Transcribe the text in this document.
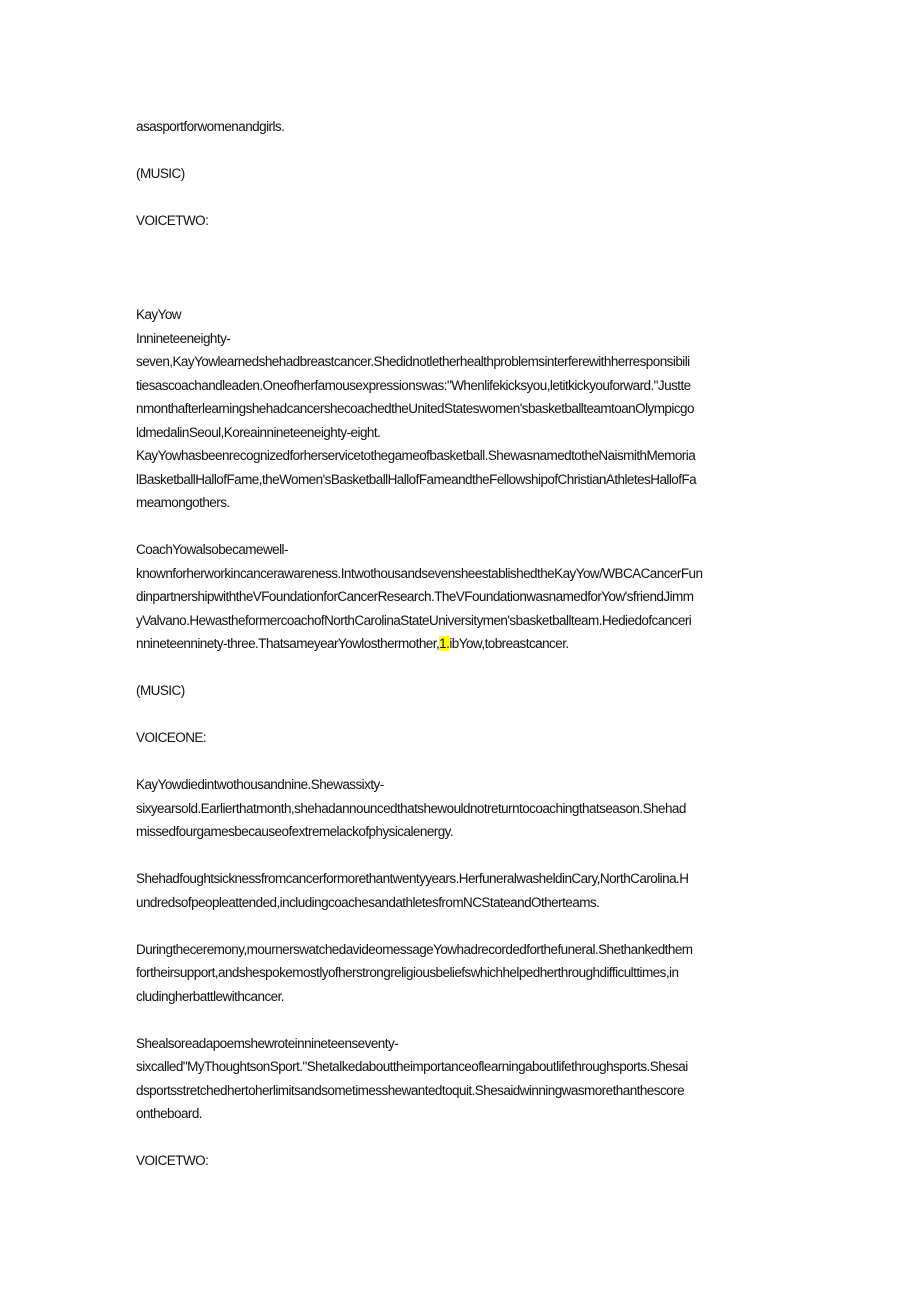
asasportforwomenandgirls.
(MUSIC)
VOICETWO:
KayYow
Innineteeneighty-
seven,KayYowlearnedshehadbreastcancer.Shedidnotletherhealthproblemsinterferewithherresponsibili
tiesascoachandleaden.Oneofherfamousexpressionswas:"Whenlifekicksyou,letitkickyouforward."Justte
nmonthafterlearningshehadcancershecoachedtheUnitedStateswomen'sbasketballteamtoanOlympicgo
ldmedalinSeoul,Koreainnineteeneighty-eight.
KayYowhasbeenrecognizedforherservicetothegameofbasketball.ShewasnamedtotheNaismithMemoria
lBasketballHallofFame,theWomen'sBasketballHallofFameandtheFellowshipofChristianAthletesHallofFa
meamongothers.
CoachYowalsobecamewell-
knownforherworkincancerawareness.IntwothousandsevensheestablishedtheKayYow/WBCACancerFun
dinpartnershipwiththeVFoundationforCancerResearch.TheVFoundationwasnamedforYow'sfriendJimm
yValvano.HewastheformercoachofNorthCarolinaStateUniversitymen'sbasketballteam.Hediedofcanceri
nnineteenninety-three.ThatsameyearYowlosthermother,1.ibYow,tobreastcancer.
(MUSIC)
VOICEONE:
KayYowdiedintwothousandnine.Shewassixty-
sixyearsold.Earlierthatmonth,shehadannouncedthatshewouldnotreturntocoachingthatseason.Shehad
missedfourgamesbecauseofextremelackofphysicalenergy.
Shehadfoughtsicknessfromcancerformorethantwentyyears.HerfuneralwasheldinCary,NorthCarolina.H
undredsofpeopleattended,includingcoachesandathletesfromNCStateandOtherteams.
Duringtheceremony,mournerswatchedavideomessageYowhadrecordedforthefuneral.Shethankedthem
fortheirsupport,andshespokemostlyofherstrongreligiousbeliefswhichhelpedherthroughdifficulttimes,in
cludingherbattlewithcancer.
Shealsoreadapoemshewroteinnineteenseventy-
sixcalled"MyThoughtsonSport."Shetalkedabouttheimportanceoflearningaboutlifethroughsports.Shesai
dsportsstretchedhertoherlimitsandsometimesshewantedtoquit.Shesaidwinningwasmorethanthescore
ontheboard.
VOICETWO:
